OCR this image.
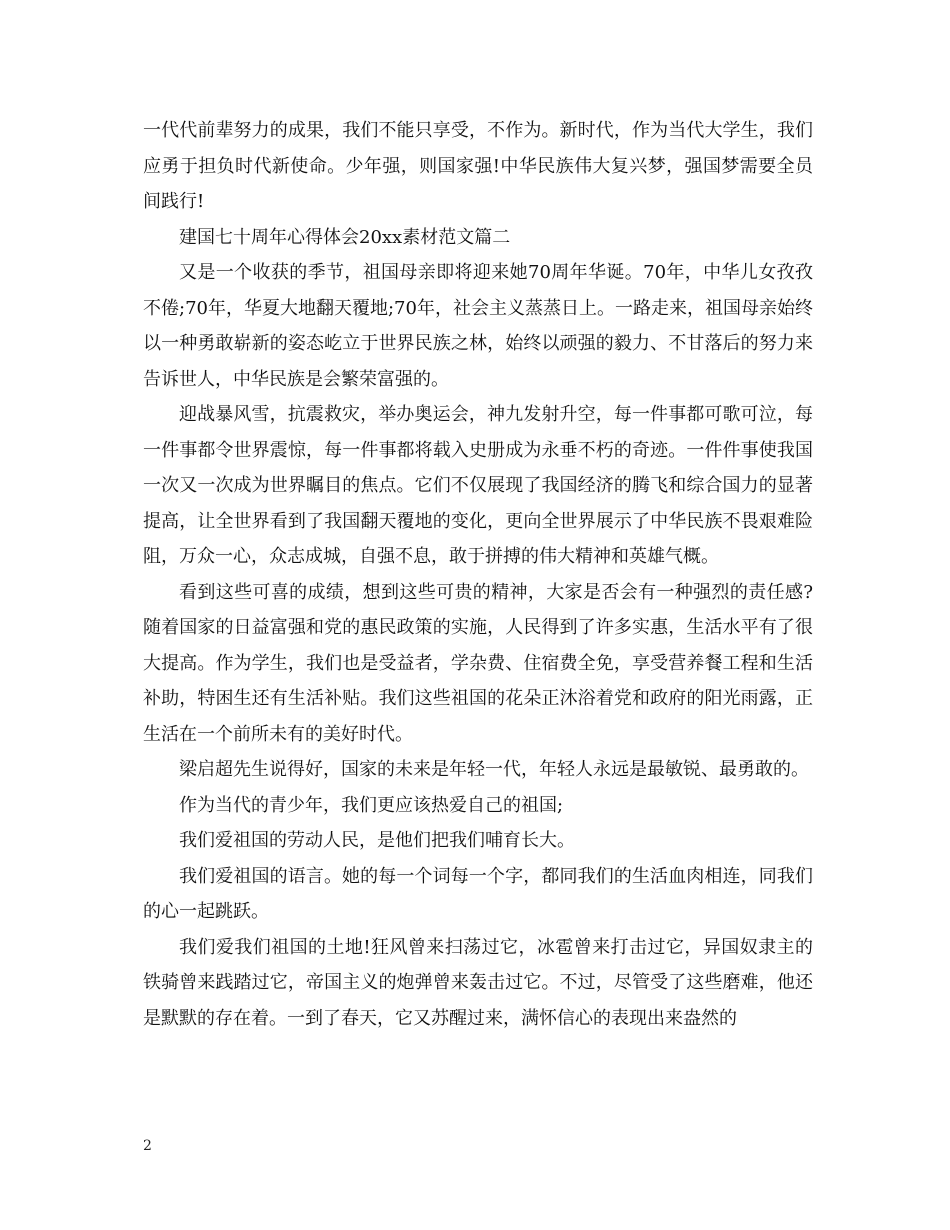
一代代前辈努力的成果，我们不能只享受，不作为。新时代，作为当代大学生，我们应勇于担负时代新使命。少年强，则国家强!中华民族伟大复兴梦，强国梦需要全员间践行!

建国七十周年心得体会20xx素材范文篇二

又是一个收获的季节，祖国母亲即将迎来她70周年华诞。70年，中华儿女孜孜不倦;70年，华夏大地翻天覆地;70年，社会主义蒸蒸日上。一路走来，祖国母亲始终以一种勇敢崭新的姿态屹立于世界民族之林，始终以顽强的毅力、不甘落后的努力来告诉世人，中华民族是会繁荣富强的。

迎战暴风雪，抗震救灾，举办奥运会，神九发射升空，每一件事都可歌可泣，每一件事都令世界震惊，每一件事都将载入史册成为永垂不朽的奇迹。一件件事使我国一次又一次成为世界瞩目的焦点。它们不仅展现了我国经济的腾飞和综合国力的显著提高，让全世界看到了我国翻天覆地的变化，更向全世界展示了中华民族不畏艰难险阻，万众一心，众志成城，自强不息，敢于拼搏的伟大精神和英雄气概。

看到这些可喜的成绩，想到这些可贵的精神，大家是否会有一种强烈的责任感?随着国家的日益富强和党的惠民政策的实施，人民得到了许多实惠，生活水平有了很大提高。作为学生，我们也是受益者，学杂费、住宿费全免，享受营养餐工程和生活补助，特困生还有生活补贴。我们这些祖国的花朵正沐浴着党和政府的阳光雨露，正生活在一个前所未有的美好时代。

梁启超先生说得好，国家的未来是年轻一代，年轻人永远是最敏锐、最勇敢的。

作为当代的青少年，我们更应该热爱自己的祖国;

我们爱祖国的劳动人民，是他们把我们哺育长大。

我们爱祖国的语言。她的每一个词每一个字，都同我们的生活血肉相连，同我们的心一起跳跃。

我们爱我们祖国的土地!狂风曾来扫荡过它，冰雹曾来打击过它，异国奴隶主的铁骑曾来践踏过它，帝国主义的炮弹曾来轰击过它。不过，尽管受了这些磨难，他还是默默的存在着。一到了春天，它又苏醒过来，满怀信心的表现出来盎然的

2
